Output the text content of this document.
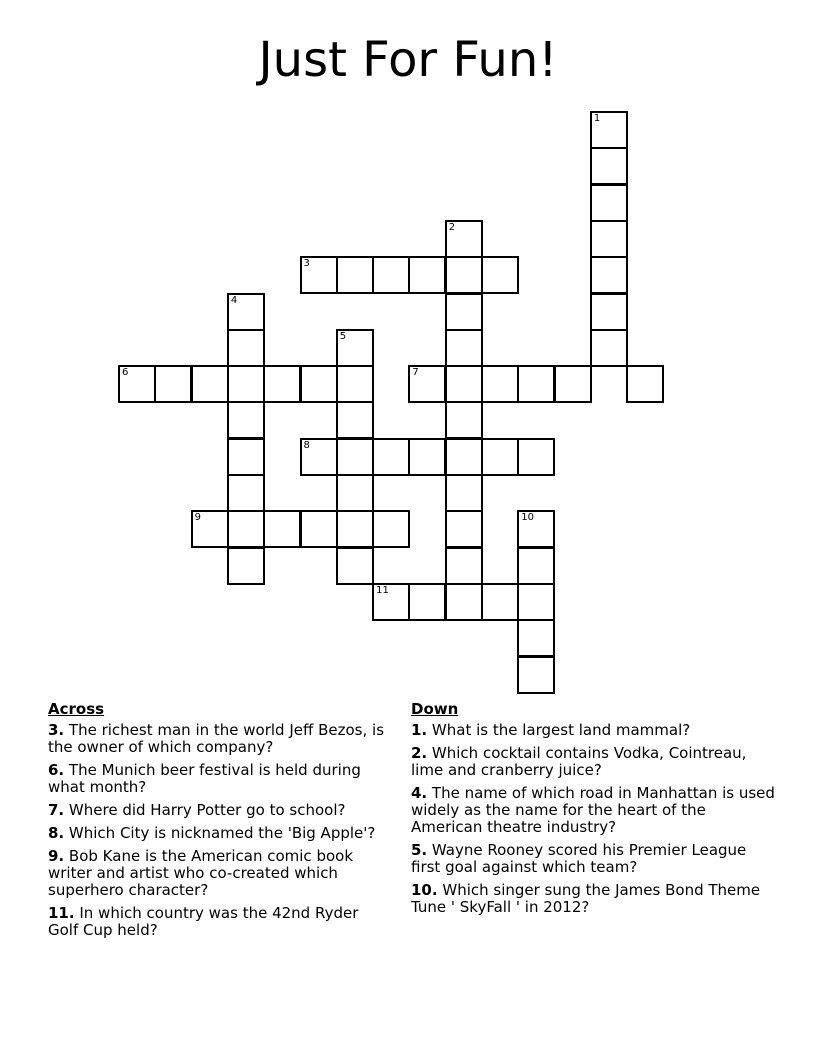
Just For Fun!
1
2
3
4
5
6	7
8
9	10
11
Across
3. The richest man in the world Jeff Bezos, is the owner of which company?
6. The Munich beer festival is held during what month?
7. Where did Harry Potter go to school?
8. Which City is nicknamed the 'Big Apple'?
9. Bob Kane is the American comic book writer and artist who co-created which superhero character?
11. In which country was the 42nd Ryder Golf Cup held?
Down
1. What is the largest land mammal?
2. Which cocktail contains Vodka, Cointreau, lime and cranberry juice?
4. The name of which road in Manhattan is used widely as the name for the heart of the American theatre industry?
5. Wayne Rooney scored his Premier League first goal against which team?
10. Which singer sung the James Bond Theme Tune ' SkyFall ' in 2012?
